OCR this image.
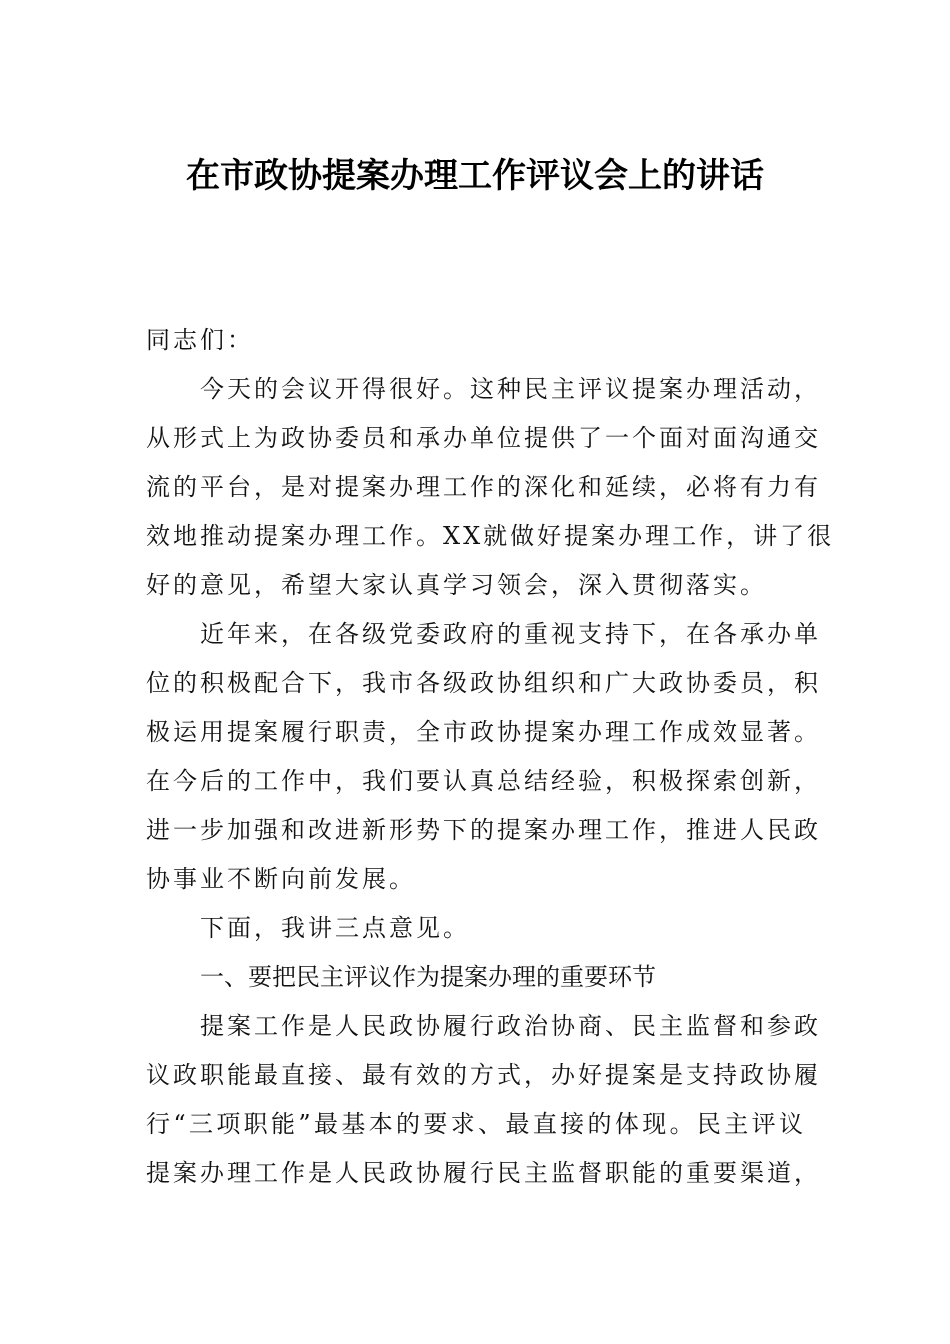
在市政协提案办理工作评议会上的讲话
同志们：
今天的会议开得很好。这种民主评议提案办理活动，
从形式上为政协委员和承办单位提供了一个面对面沟通交
流的平台，是对提案办理工作的深化和延续，必将有力有
效地推动提案办理工作。XX就做好提案办理工作，讲了很
好的意见，希望大家认真学习领会，深入贯彻落实。
近年来，在各级党委政府的重视支持下，在各承办单
位的积极配合下，我市各级政协组织和广大政协委员，积
极运用提案履行职责，全市政协提案办理工作成效显著。
在今后的工作中，我们要认真总结经验，积极探索创新，
进一步加强和改进新形势下的提案办理工作，推进人民政
协事业不断向前发展。
下面，我讲三点意见。
一、要把民主评议作为提案办理的重要环节
提案工作是人民政协履行政治协商、民主监督和参政
议政职能最直接、最有效的方式，办好提案是支持政协履
行“三项职能”最基本的要求、最直接的体现。民主评议
提案办理工作是人民政协履行民主监督职能的重要渠道，
